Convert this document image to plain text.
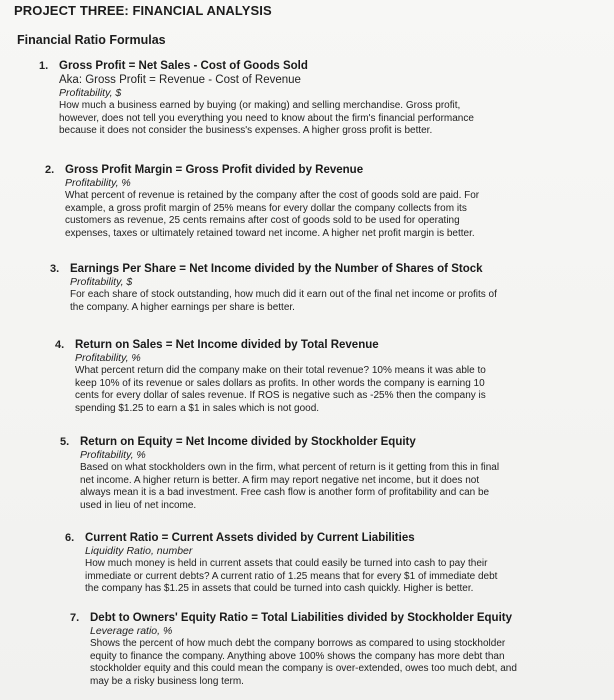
PROJECT THREE: FINANCIAL ANALYSIS
Financial Ratio Formulas
1. Gross Profit = Net Sales - Cost of Goods Sold
Aka: Gross Profit = Revenue - Cost of Revenue
Profitability, $
How much a business earned by buying (or making) and selling merchandise. Gross profit,
however, does not tell you everything you need to know about the firm's financial performance
because it does not consider the business's expenses. A higher gross profit is better.
2. Gross Profit Margin = Gross Profit divided by Revenue
Profitability, %
What percent of revenue is retained by the company after the cost of goods sold are paid. For
example, a gross profit margin of 25% means for every dollar the company collects from its
customers as revenue, 25 cents remains after cost of goods sold to be used for operating
expenses, taxes or ultimately retained toward net income. A higher net profit margin is better.
3. Earnings Per Share = Net Income divided by the Number of Shares of Stock
Profitability, $
For each share of stock outstanding, how much did it earn out of the final net income or profits of
the company. A higher earnings per share is better.
4. Return on Sales = Net Income divided by Total Revenue
Profitability, %
What percent return did the company make on their total revenue? 10% means it was able to
keep 10% of its revenue or sales dollars as profits. In other words the company is earning 10
cents for every dollar of sales revenue. If ROS is negative such as -25% then the company is
spending $1.25 to earn a $1 in sales which is not good.
5. Return on Equity = Net Income divided by Stockholder Equity
Profitability, %
Based on what stockholders own in the firm, what percent of return is it getting from this in final
net income. A higher return is better. A firm may report negative net income, but it does not
always mean it is a bad investment. Free cash flow is another form of profitability and can be
used in lieu of net income.
6. Current Ratio = Current Assets divided by Current Liabilities
Liquidity Ratio, number
How much money is held in current assets that could easily be turned into cash to pay their
immediate or current debts? A current ratio of 1.25 means that for every $1 of immediate debt
the company has $1.25 in assets that could be turned into cash quickly. Higher is better.
7. Debt to Owners' Equity Ratio = Total Liabilities divided by Stockholder Equity
Leverage ratio, %
Shows the percent of how much debt the company borrows as compared to using stockholder
equity to finance the company. Anything above 100% shows the company has more debt than
stockholder equity and this could mean the company is over-extended, owes too much debt, and
may be a risky business long term.
